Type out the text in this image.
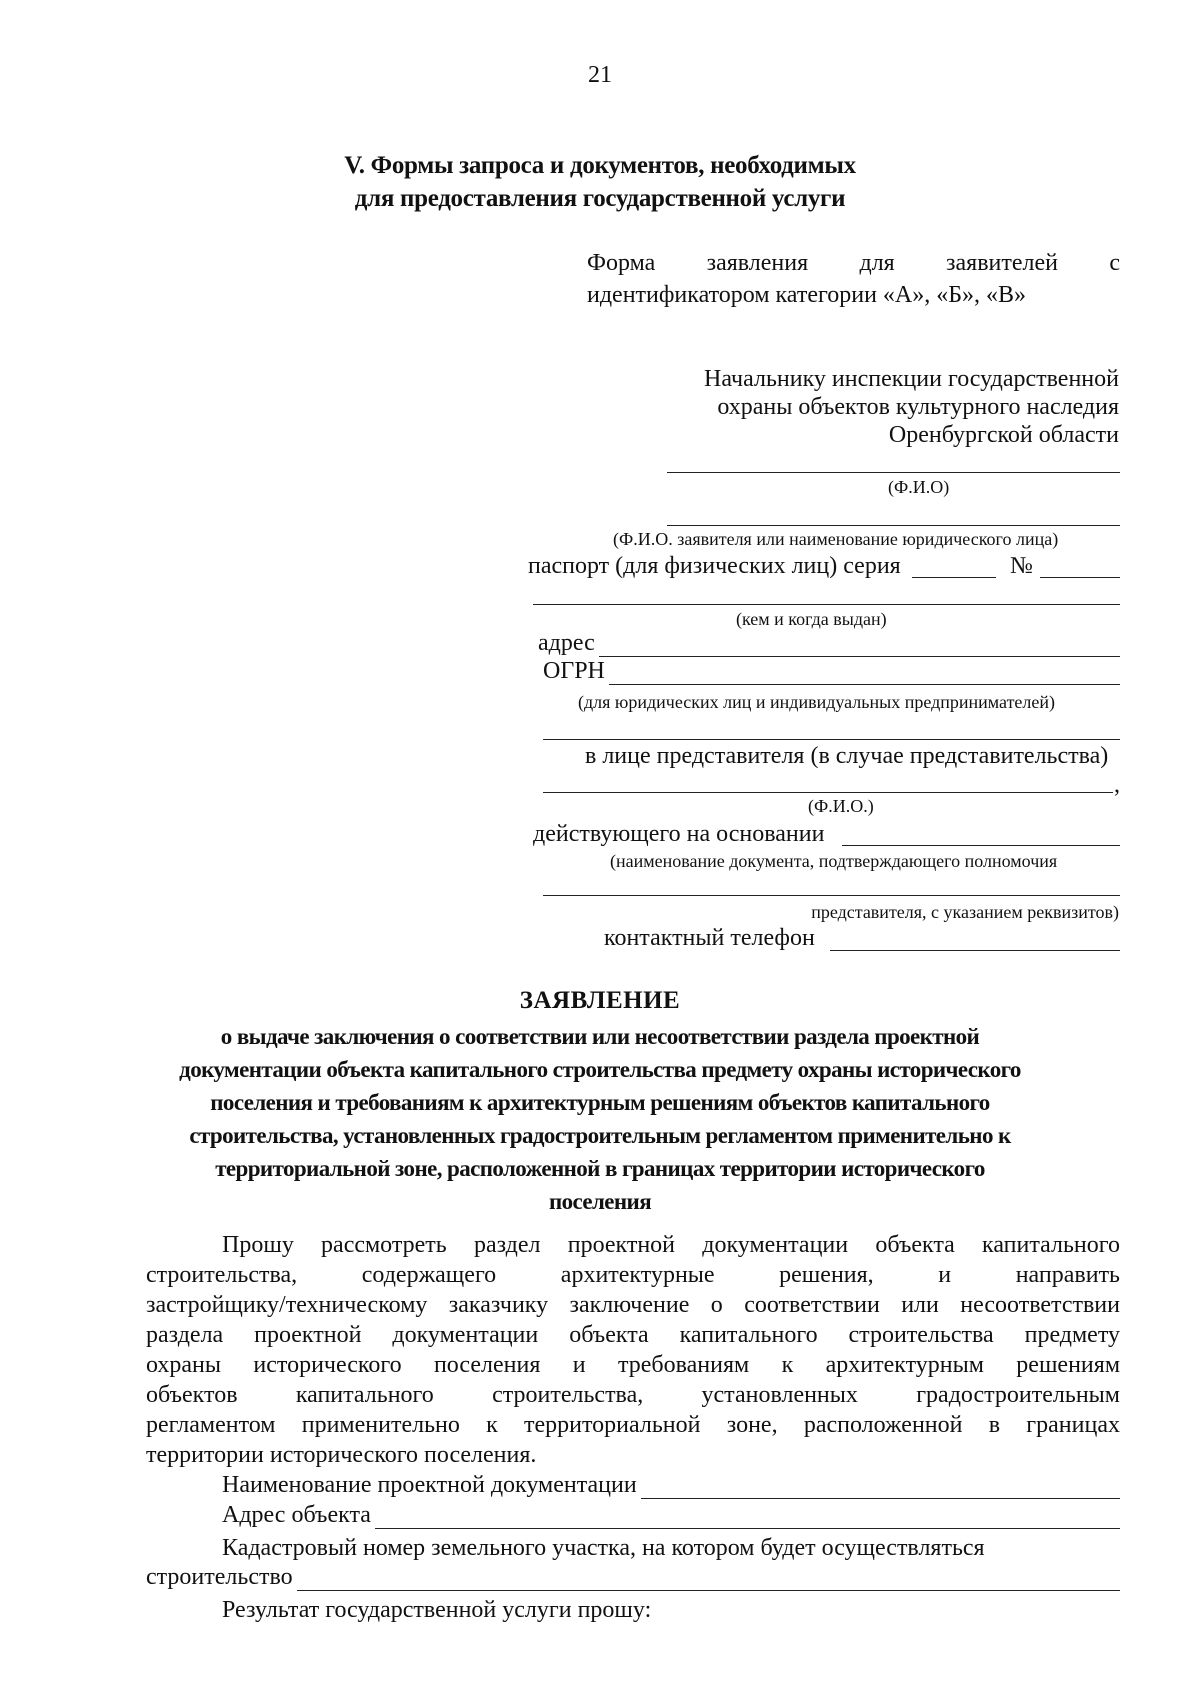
21
V. Формы запроса и документов, необходимых
для предоставления государственной услуги
Форма заявления для заявителей с
идентификатором категории «А», «Б», «В»
Начальнику инспекции государственной
охраны объектов культурного наследия
Оренбургской области
(Ф.И.О)
(Ф.И.О. заявителя или наименование юридического лица)
паспорт (для физических лиц) серия	№
(кем и когда выдан)
адрес
ОГРН
(для юридических лиц и индивидуальных предпринимателей)
в лице представителя (в случае представительства)
,
(Ф.И.О.)
действующего на основании
(наименование документа, подтверждающего полномочия
представителя, с указанием реквизитов)
контактный телефон
ЗАЯВЛЕНИЕ
о выдаче заключения о соответствии или несоответствии раздела проектной
документации объекта капитального строительства предмету охраны исторического
поселения и требованиям к архитектурным решениям объектов капитального
строительства, установленных градостроительным регламентом применительно к
территориальной зоне, расположенной в границах территории исторического
поселения
Прошу рассмотреть раздел проектной документации объекта капитального
строительства, содержащего архитектурные решения, и направить
застройщику/техническому заказчику заключение о соответствии или несоответствии
раздела проектной документации объекта капитального строительства предмету
охраны исторического поселения и требованиям к архитектурным решениям
объектов капитального строительства, установленных градостроительным
регламентом применительно к территориальной зоне, расположенной в границах
территории исторического поселения.
Наименование проектной документации
Адрес объекта
Кадастровый номер земельного участка, на котором будет осуществляться
строительство
Результат государственной услуги прошу:
